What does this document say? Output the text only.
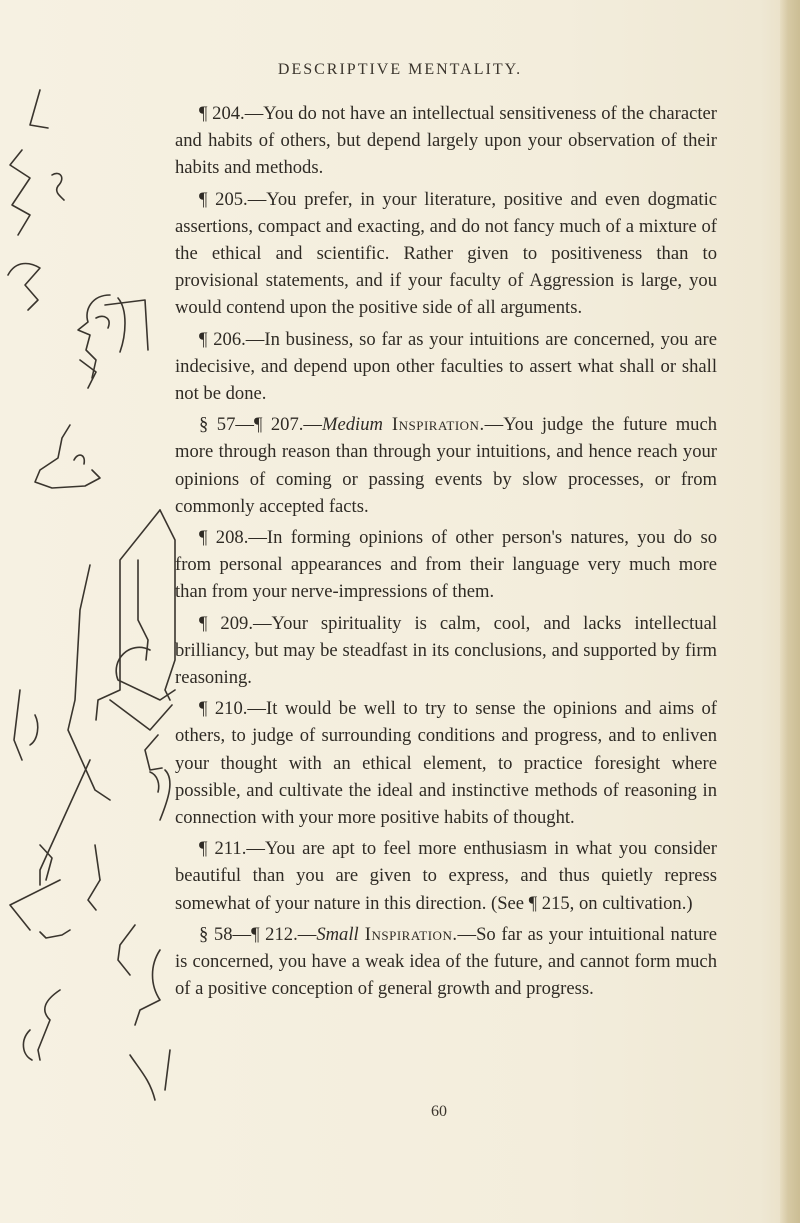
DESCRIPTIVE MENTALITY.

¶ 204.—You do not have an intellectual sensitiveness of the character and habits of others, but depend largely upon your observation of their habits and methods.

¶ 205.—You prefer, in your literature, positive and even dogmatic assertions, compact and exacting, and do not fancy much of a mixture of the ethical and scientific. Rather given to positiveness than to provisional statements, and if your faculty of Aggression is large, you would contend upon the positive side of all arguments.

¶ 206.—In business, so far as your intuitions are concerned, you are indecisive, and depend upon other faculties to assert what shall or shall not be done.

§ 57—¶ 207.—Medium Inspiration.—You judge the future much more through reason than through your intuitions, and hence reach your opinions of coming or passing events by slow processes, or from commonly accepted facts.

¶ 208.—In forming opinions of other person's natures, you do so from personal appearances and from their language very much more than from your nerve-impressions of them.

¶ 209.—Your spirituality is calm, cool, and lacks intellectual brilliancy, but may be steadfast in its conclusions, and supported by firm reasoning.

¶ 210.—It would be well to try to sense the opinions and aims of others, to judge of surrounding conditions and progress, and to enliven your thought with an ethical element, to practice foresight where possible, and cultivate the ideal and instinctive methods of reasoning in connection with your more positive habits of thought.

¶ 211.—You are apt to feel more enthusiasm in what you consider beautiful than you are given to express, and thus quietly repress somewhat of your nature in this direction. (See ¶ 215, on cultivation.)

§ 58—¶ 212.—Small Inspiration.—So far as your intuitional nature is concerned, you have a weak idea of the future, and cannot form much of a positive conception of general growth and progress.

60
